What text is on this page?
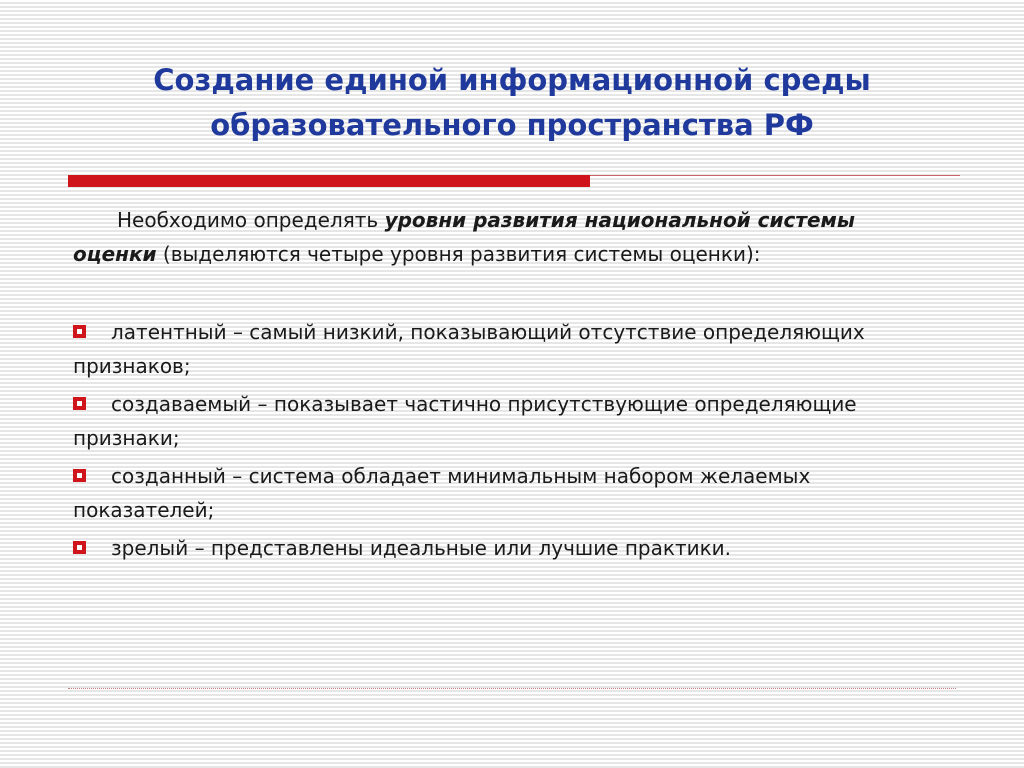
Создание единой информационной среды
образовательного пространства РФ

Необходимо определять уровни развития национальной системы оценки (выделяются четыре уровня развития системы оценки):

латентный – самый низкий, показывающий отсутствие определяющих признаков;
создаваемый – показывает частично присутствующие определяющие признаки;
созданный – система обладает минимальным набором желаемых показателей;
зрелый – представлены идеальные или лучшие практики.
